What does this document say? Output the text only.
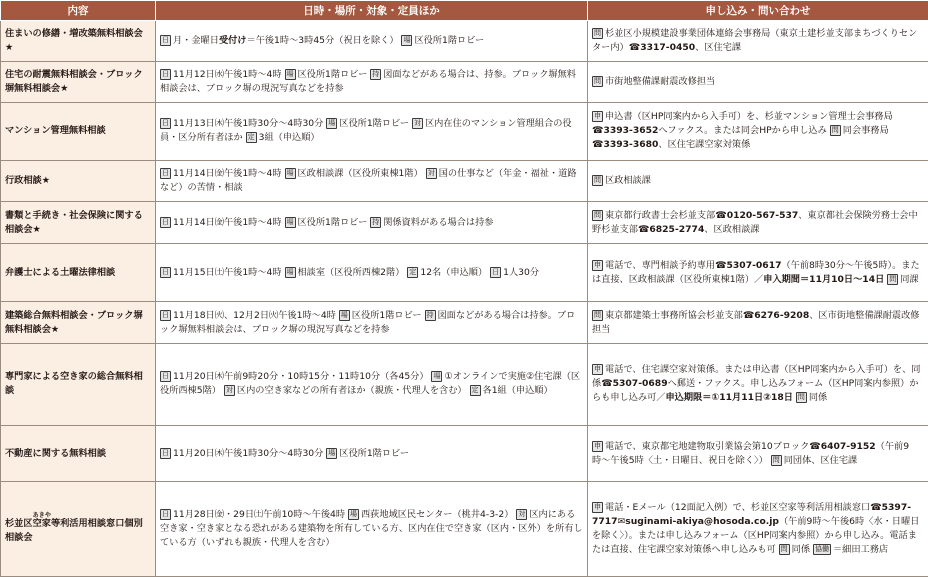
内容	日時・場所・対象・定員ほか	申し込み・問い合わせ
住まいの修繕・増改築無料相談会★	日 月・金曜日受付け＝午後1時〜3時45分（祝日を除く） 場 区役所1階ロビー	問 杉並区小規模建設事業団体連絡会事務局（東京土建杉並支部まちづくりセンター内）☎3317-0450、区住宅課
住宅の耐震無料相談会・ブロック塀無料相談会★	日 11月12日㈬午後1時〜4時 場 区役所1階ロビー 持 図面などがある場合は、持参。ブロック塀無料相談会は、ブロック塀の現況写真などを持参	問 市街地整備課耐震改修担当
マンション管理無料相談	日 11月13日㈭午後1時30分〜4時30分 場 区役所1階ロビー 対 区内在住のマンション管理組合の役員・区分所有者ほか 定 3組（申込順）	申 申込書（区HP同案内から入手可）を、杉並マンション管理士会事務局☎3393-3652へファクス。または同会HPから申し込み 問 同会事務局☎3393-3680、区住宅課空家対策係
行政相談★	日 11月14日㈮午後1時〜4時 場 区政相談課（区役所東棟1階） 対 国の仕事など（年金・福祉・道路など）の苦情・相談	問 区政相談課
書類と手続き・社会保険に関する相談会★	日 11月14日㈮午後1時〜4時 場 区役所1階ロビー 持 関係資料がある場合は持参	問 東京都行政書士会杉並支部☎0120-567-537、東京都社会保険労務士会中野杉並支部☎6825-2774、区政相談課
弁護士による土曜法律相談	日 11月15日㈯午後1時〜4時 場 相談室（区役所西棟2階） 定 12名（申込順） 日 1人30分	申 電話で、専門相談予約専用☎5307-0617（午前8時30分〜午後5時）。または直接、区政相談課（区役所東棟1階）／申入期間＝11月10日〜14日 問 同課
建築総合無料相談会・ブロック塀無料相談会★	日 11月18日㈫、12月2日㈫午後1時〜4時 場 区役所1階ロビー 持 図面などがある場合は持参。ブロック塀無料相談会は、ブロック塀の現況写真などを持参	問 東京都建築士事務所協会杉並支部☎6276-9208、区市街地整備課耐震改修担当
専門家による空き家の総合無料相談	日 11月20日㈭午前9時20分・10時15分・11時10分（各45分） 場 ①オンラインで実施②住宅課（区役所西棟5階） 対 区内の空き家などの所有者ほか（親族・代理人を含む） 定 各1組（申込順）	申 電話で、住宅課空家対策係。または申込書（区HP同案内から入手可）を、同係☎5307-0689へ郵送・ファクス。申し込みフォーム（区HP同案内参照）からも申し込み可／申込期限＝①11月11日②18日 問 同係
不動産に関する無料相談	日 11月20日㈭午後1時30分〜4時30分 場 区役所1階ロビー	申 電話で、東京都宅地建物取引業協会第10ブロック☎6407-9152（午前9時〜午後5時〈土・日曜日、祝日を除く〉） 問 同団体、区住宅課
杉並区空家あきや等利活用相談窓口個別相談会	日 11月28日㈮・29日㈯午前10時〜午後4時 場 西荻地域区民センター（桃井4-3-2） 対 区内にある空き家・空き家となる恐れがある建築物を所有している方、区内在住で空き家（区内・区外）を所有している方（いずれも親族・代理人を含む）	申 電話・Eメール（12面記入例）で、杉並区空家等利活用相談窓口☎5397-7717✉suginami-akiya@hosoda.co.jp（午前9時〜午後6時〈水・日曜日を除く〉）。または申し込みフォーム（区HP同案内参照）から申し込み。電話または直接、住宅課空家対策係へ申し込みも可 問 同係 協働 ＝細田工務店
